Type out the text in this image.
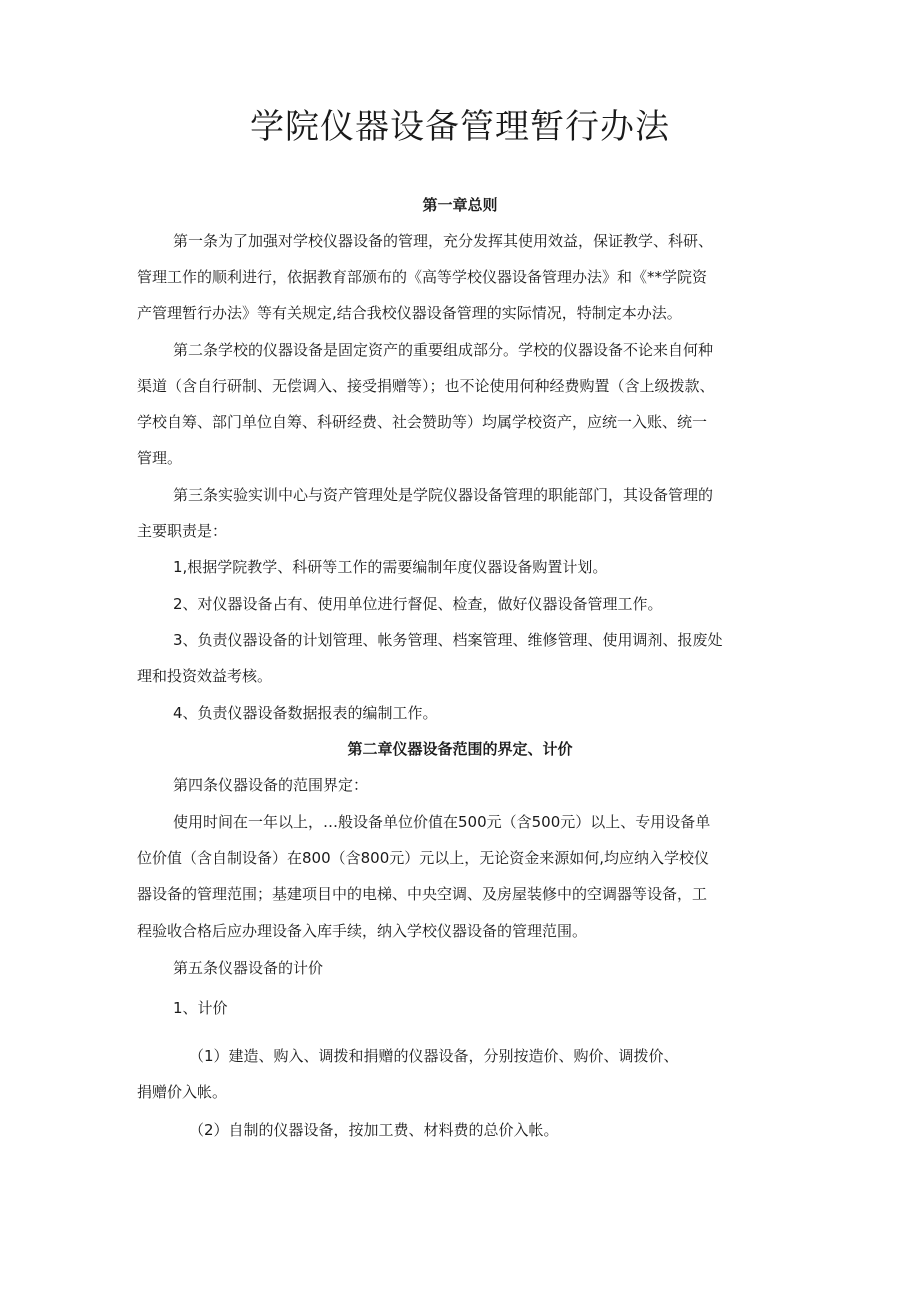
学院仪器设备管理暂行办法
第一章总则

第一条为了加强对学校仪器设备的管理，充分发挥其使用效益，保证教学、科研、

管理工作的顺利进行，依据教育部颁布的《高等学校仪器设备管理办法》和《**学院资

产管理暂行办法》等有关规定,结合我校仪器设备管理的实际情况，特制定本办法。

第二条学校的仪器设备是固定资产的重要组成部分。学校的仪器设备不论来自何种

渠道（含自行研制、无偿调入、接受捐赠等）；也不论使用何种经费购置（含上级拨款、

学校自筹、部门单位自筹、科研经费、社会赞助等）均属学校资产，应统一入账、统一

管理。

第三条实验实训中心与资产管理处是学院仪器设备管理的职能部门，其设备管理的

主要职责是：

1,根据学院教学、科研等工作的需要编制年度仪器设备购置计划。

2、对仪器设备占有、使用单位进行督促、检查，做好仪器设备管理工作。

3、负责仪器设备的计划管理、帐务管理、档案管理、维修管理、使用调剂、报废处

理和投资效益考核。

4、负责仪器设备数据报表的编制工作。

第二章仪器设备范围的界定、计价

第四条仪器设备的范围界定：

使用时间在一年以上，…般设备单位价值在500元（含500元）以上、专用设备单

位价值（含自制设备）在800（含800元）元以上，无论资金来源如何,均应纳入学校仪

器设备的管理范围；基建项目中的电梯、中央空调、及房屋装修中的空调器等设备，工

程验收合格后应办理设备入库手续，纳入学校仪器设备的管理范围。

第五条仪器设备的计价

1、计价

（1）建造、购入、调拨和捐赠的仪器设备，分别按造价、购价、调拨价、

捐赠价入帐。

（2）自制的仪器设备，按加工费、材料费的总价入帐。
